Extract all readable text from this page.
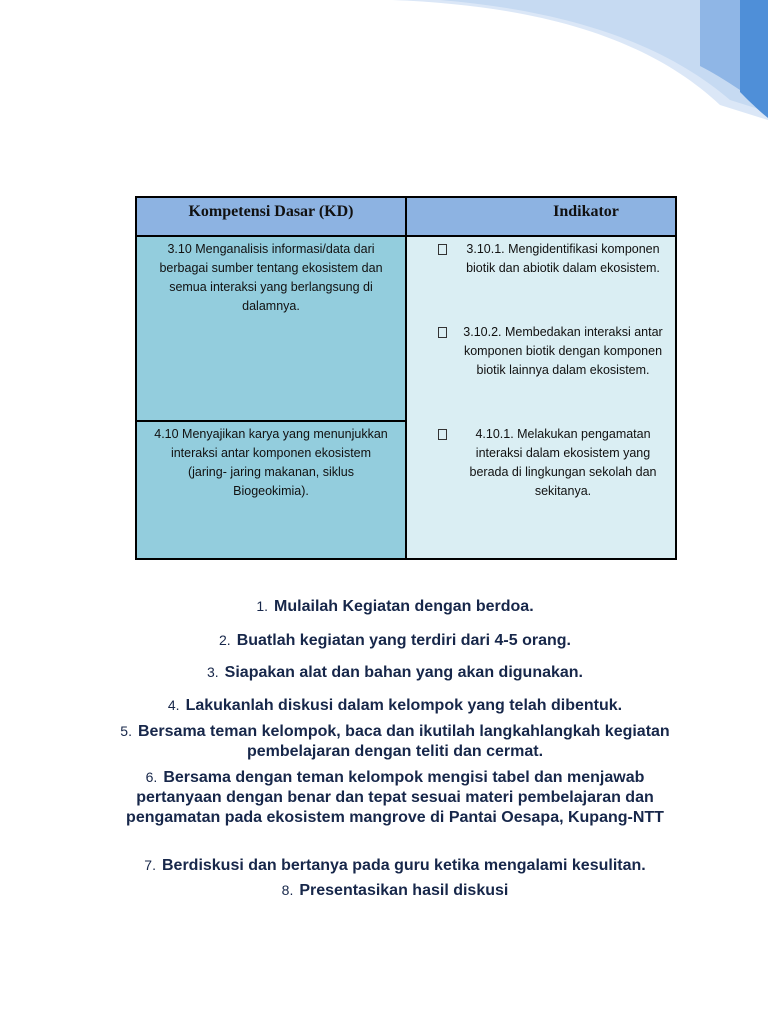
Kompetensi Dasar (KD)	Indikator
3.10 Menganalisis informasi/data dari berbagai sumber tentang ekosistem dan semua interaksi yang berlangsung di dalamnya.
4.10 Menyajikan karya yang menunjukkan interaksi antar komponen ekosistem (jaring- jaring makanan, siklus Biogeokimia).
3.10.1. Mengidentifikasi komponen biotik dan abiotik dalam ekosistem.
3.10.2. Membedakan interaksi antar komponen biotik dengan komponen biotik lainnya dalam ekosistem.
4.10.1. Melakukan pengamatan interaksi dalam ekosistem yang berada di lingkungan sekolah dan sekitanya.
1. Mulailah Kegiatan dengan berdoa.
2. Buatlah kegiatan yang terdiri dari 4-5 orang.
3. Siapakan alat dan bahan yang akan digunakan.
4. Lakukanlah diskusi dalam kelompok yang telah dibentuk.
5. Bersama teman kelompok, baca dan ikutilah langkahlangkah kegiatan pembelajaran dengan teliti dan cermat.
6. Bersama dengan teman kelompok mengisi tabel dan menjawab pertanyaan dengan benar dan tepat sesuai materi pembelajaran dan pengamatan pada ekosistem mangrove di Pantai Oesapa, Kupang-NTT
7. Berdiskusi dan bertanya pada guru ketika mengalami kesulitan.
8. Presentasikan hasil diskusi
